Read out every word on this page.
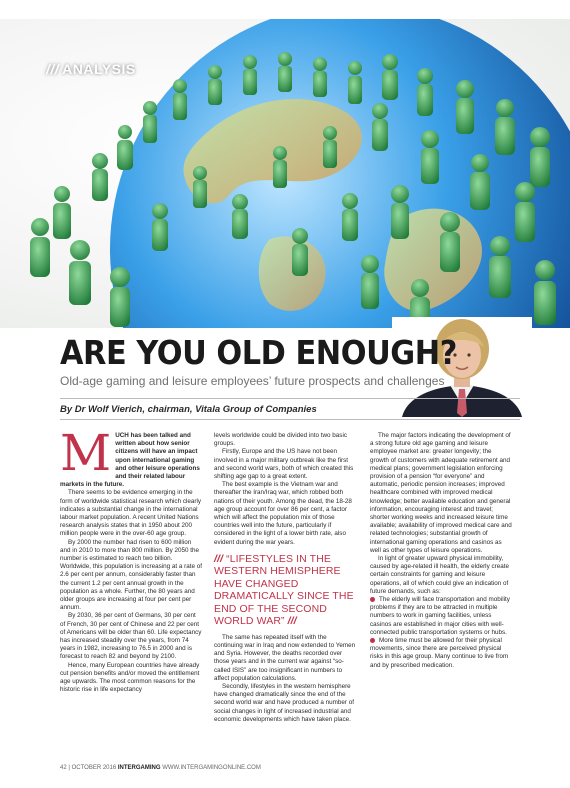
/// ANALYSIS
ARE YOU OLD ENOUGH?
Old-age gaming and leisure employees’ future prospects and challenges
By Dr Wolf Vierich, chairman, Vitala Group of Companies

MUCH has been talked and written about how senior citizens will have an impact upon international gaming and other leisure operations and their related labour markets in the future.

There seems to be evidence emerging in the form of worldwide statistical research which clearly indicates a substantial change in the international labour market population. A recent United Nations research analysis states that in 1950 about 200 million people were in the over-60 age group.

By 2000 the number had risen to 600 million and in 2010 to more than 800 million. By 2050 the number is estimated to reach two billion. Worldwide, this population is increasing at a rate of 2.6 per cent per annum, considerably faster than the current 1.2 per cent annual growth in the population as a whole. Further, the 80 years and older groups are increasing at four per cent per annum.

By 2030, 36 per cent of Germans, 30 per cent of French, 30 per cent of Chinese and 22 per cent of Americans will be older than 60. Life expectancy has increased steadily over the years, from 74 years in 1982, increasing to 76.5 in 2000 and is forecast to reach 82 and beyond by 2100.

Hence, many European countries have already cut pension benefits and/or moved the entitlement age upwards. The most common reasons for the historic rise in life expectancy

levels worldwide could be divided into two basic groups.

Firstly, Europe and the US have not been involved in a major military outbreak like the first and second world wars, both of which created this shifting age gap to a great extent.

The best example is the Vietnam war and thereafter the Iran/Iraq war, which robbed both nations of their youth. Among the dead, the 18-28 age group account for over 86 per cent, a factor which will affect the population mix of those countries well into the future, particularly if considered in the light of a lower birth rate, also evident during the war years.

/// “LIFESTYLES IN THE WESTERN HEMISPHERE HAVE CHANGED DRAMATICALLY SINCE THE END OF THE SECOND WORLD WAR” ///

The same has repeated itself with the continuing war in Iraq and now extended to Yemen and Syria. However, the deaths recorded over those years and in the current war against “so-called ISIS” are too insignificant in numbers to affect population calculations.

Secondly, lifestyles in the western hemisphere have changed dramatically since the end of the second world war and have produced a number of social changes in light of increased industrial and economic developments which have taken place.

The major factors indicating the development of a strong future old age gaming and leisure employee market are: greater longevity; the growth of customers with adequate retirement and medical plans; government legislation enforcing provision of a pension “for everyone” and automatic, periodic pension increases; improved healthcare combined with improved medical knowledge; better available education and general information, encouraging interest and travel; shorter working weeks and increased leisure time available; availability of improved medical care and related technologies; substantial growth of international gaming operations and casinos as well as other types of leisure operations.

In light of greater upward physical immobility, caused by age-related ill health, the elderly create certain constraints for gaming and leisure operations, all of which could give an indication of future demands, such as:

The elderly will face transportation and mobility problems if they are to be attracted in multiple numbers to work in gaming facilities, unless casinos are established in major cities with well-connected public transportation systems or hubs.

More time must be allowed for their physical movements, since there are perceived physical risks in this age group. Many continue to live from and by prescribed medication.

42 | OCTOBER 2016 INTERGAMING WWW.INTERGAMINGONLINE.COM
